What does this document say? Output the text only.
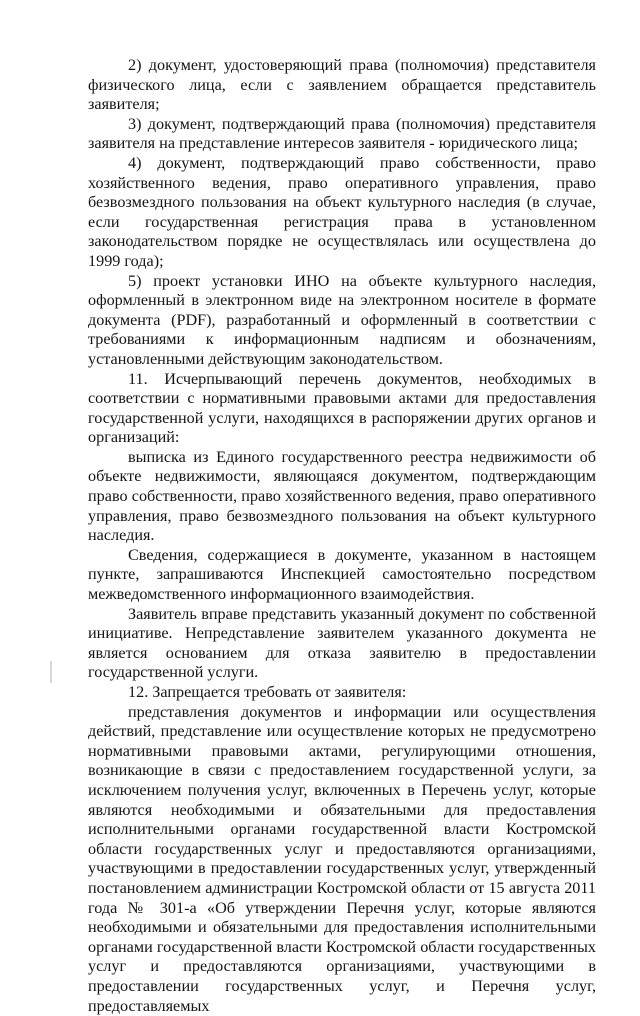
2) документ, удостоверяющий права (полномочия) представителя физического лица, если с заявлением обращается представитель заявителя;

3) документ, подтверждающий права (полномочия) представителя заявителя на представление интересов заявителя - юридического лица;

4) документ, подтверждающий право собственности, право хозяйственного ведения, право оперативного управления, право безвозмездного пользования на объект культурного наследия (в случае, если государственная регистрация права в установленном законодательством порядке не осуществлялась или осуществлена до 1999 года);

5) проект установки ИНО на объекте культурного наследия, оформленный в электронном виде на электронном носителе в формате документа (PDF), разработанный и оформленный в соответствии с требованиями к информационным надписям и обозначениям, установленными действующим законодательством.

11. Исчерпывающий перечень документов, необходимых в соответствии с нормативными правовыми актами для предоставления государственной услуги, находящихся в распоряжении других органов и организаций:

выписка из Единого государственного реестра недвижимости об объекте недвижимости, являющаяся документом, подтверждающим право собственности, право хозяйственного ведения, право оперативного управления, право безвозмездного пользования на объект культурного наследия.

Сведения, содержащиеся в документе, указанном в настоящем пункте, запрашиваются Инспекцией самостоятельно посредством межведомственного информационного взаимодействия.

Заявитель вправе представить указанный документ по собственной инициативе. Непредставление заявителем указанного документа не является основанием для отказа заявителю в предоставлении государственной услуги.

12. Запрещается требовать от заявителя:

представления документов и информации или осуществления действий, представление или осуществление которых не предусмотрено нормативными правовыми актами, регулирующими отношения, возникающие в связи с предоставлением государственной услуги, за исключением получения услуг, включенных в Перечень услуг, которые являются необходимыми и обязательными для предоставления исполнительными органами государственной власти Костромской области государственных услуг и предоставляются организациями, участвующими в предоставлении государственных услуг, утвержденный постановлением администрации Костромской области от 15 августа 2011 года № 301-а «Об утверждении Перечня услуг, которые являются необходимыми и обязательными для предоставления исполнительными органами государственной власти Костромской области государственных услуг и предоставляются организациями, участвующими в предоставлении государственных услуг, и Перечня услуг, предоставляемых
